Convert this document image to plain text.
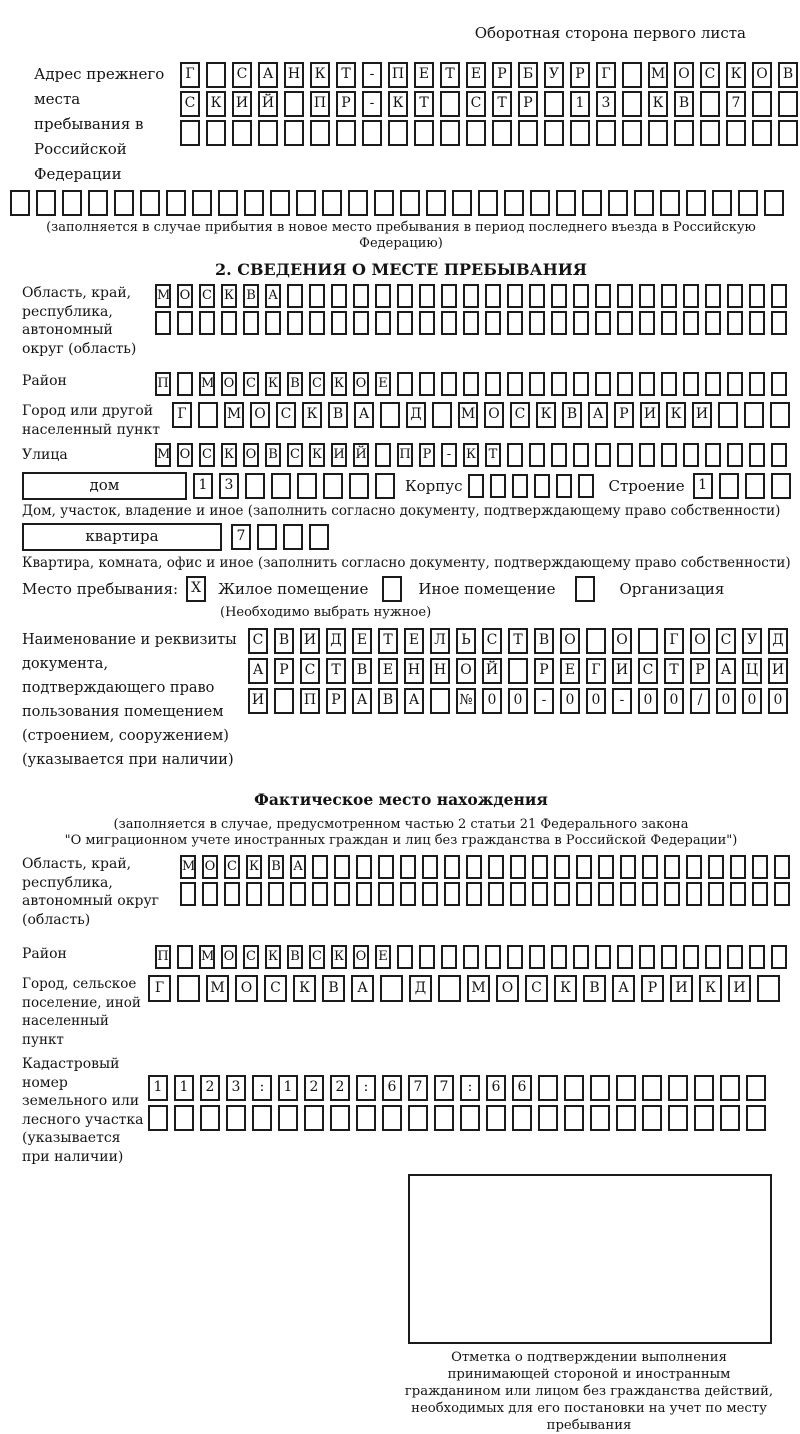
Оборотная сторона первого листа
Адрес прежнего места пребывания в Российской Федерации
Г	С	А	Н	К	Т	-	П	Е	Т	Е	Р	Б	У	Р	Г	М О	С	К	О	В
С	К	И Й	П	Р	-	К	Т	С	Т	Р	1	3	К	В	7
(заполняется в случае прибытия в новое место пребывания в период последнего въезда в Российскую Федерацию)
2. СВЕДЕНИЯ О МЕСТЕ ПРЕБЫВАНИЯ
Область, край, республика, автономный округ (область)
М О С К В А
Район	П М О С К В С К О Е
Город или другой населенный пункт
Г	М О	С	К	В	А	Д	М О	С	К	В	А	Р	И	К	И
Улица	М О С К О В С К И Й	П Р	-	К Т
дом	1	3	Корпус	Строение 1
Дом, участок, владение и иное (заполнить согласно документу, подтверждающему право собственности)
квартира	7
Квартира, комната, офис и иное (заполнить согласно документу, подтверждающему право собственности)
Место пребывания: X	Жилое помещение	Иное помещение	Организация
(Необходимо выбрать нужное)
Наименование и реквизиты документа, подтверждающего право пользования помещением (строением, сооружением) (указывается при наличии)
С	В	И	Д	Е	Т	Е	Л	Ь	С	Т	В	О	О	Г	О	С	У	Д
А	Р	С	Т	В	Е	Н Н	О	Й	Р	Е	Г	И	С	Т	Р	А	Ц И
И	П	Р	А	В	А	№	0	0	-	0	0	-	0	0	/	0	0	0
Фактическое место нахождения
(заполняется в случае, предусмотренном частью 2 статьи 21 Федерального закона
"О миграционном учете иностранных граждан и лиц без гражданства в Российской Федерации")
Область, край, республика, автономный округ (область)
М О С К В А
Район	П М О С К В С К О Е
Город, сельское поселение, иной населенный пункт
Г	М	О	С	К	В	А	Д	М	О	С	К	В	А	Р	И	К	И
Кадастровый номер земельного или лесного участка (указывается при наличии)
1	1	2	3	:	1	2	2	:	6	7	7	:	6	6
Отметка о подтверждении выполнения принимающей стороной и иностранным гражданином или лицом без гражданства действий, необходимых для его постановки на учет по месту пребывания
